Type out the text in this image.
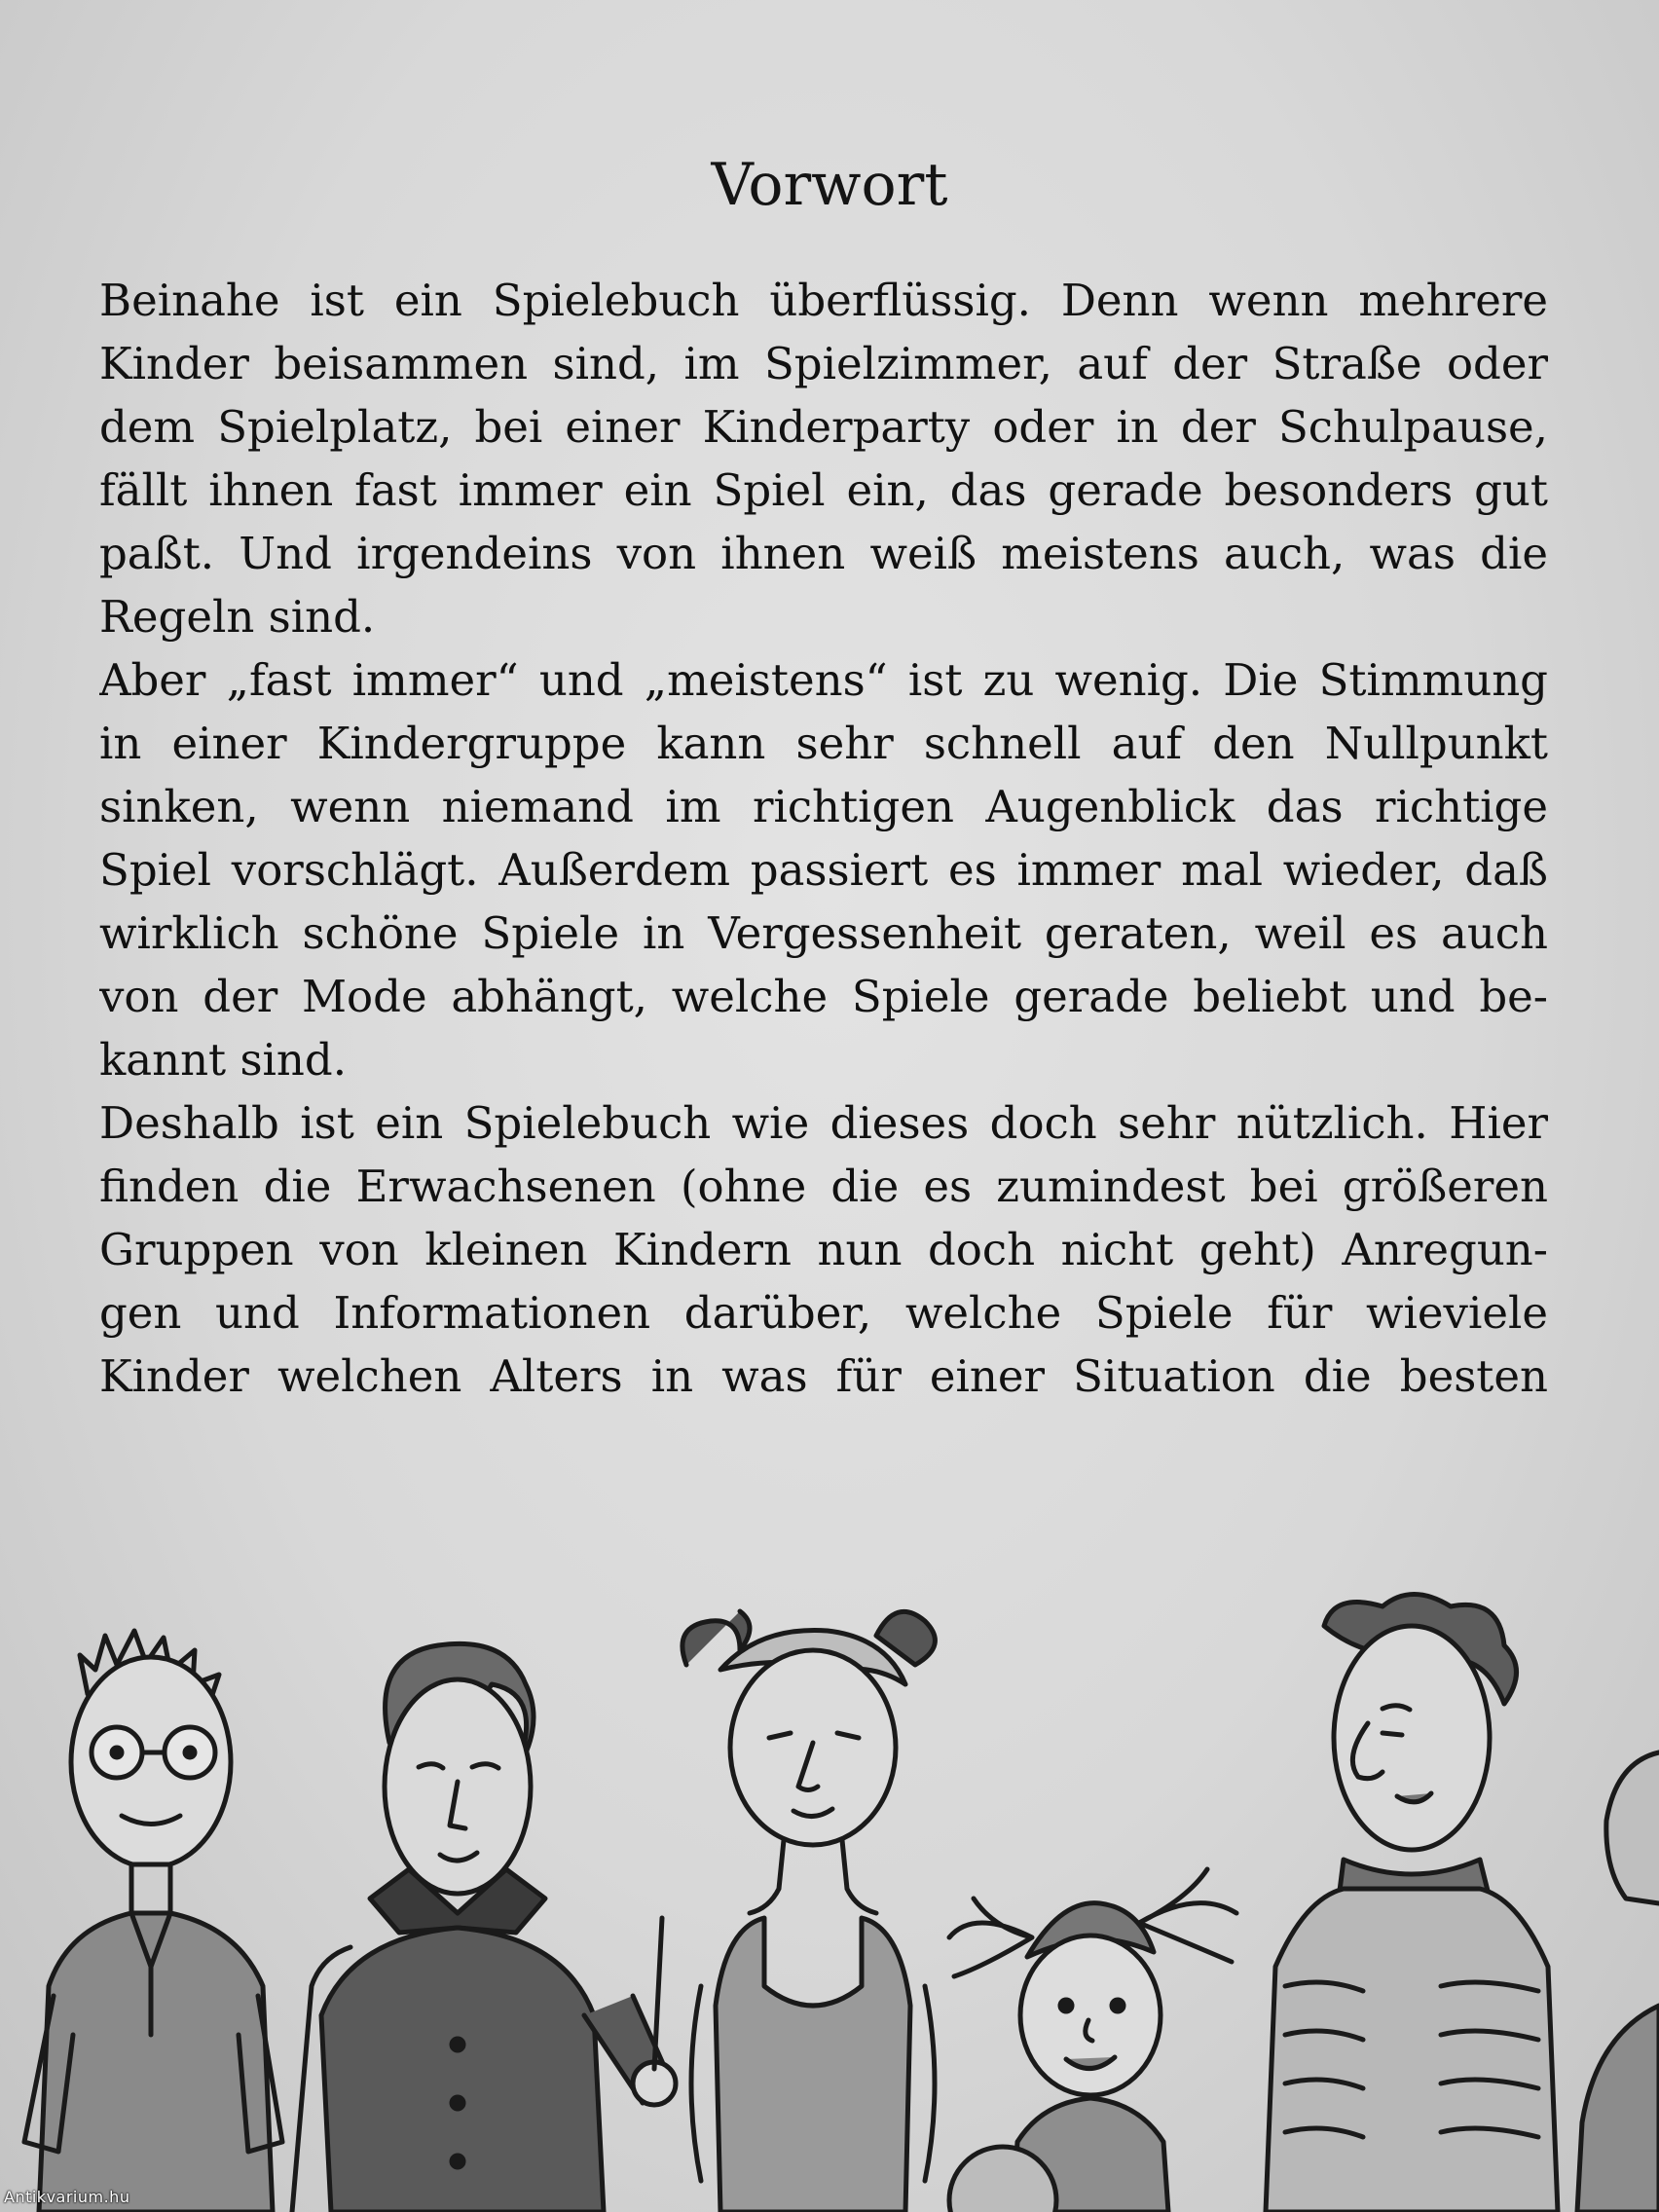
Vorwort
Beinahe ist ein Spielebuch überflüssig. Denn wenn mehrere
Kinder beisammen sind, im Spielzimmer, auf der Straße oder
dem Spielplatz, bei einer Kinderparty oder in der Schulpause,
fällt ihnen fast immer ein Spiel ein, das gerade besonders gut
paßt. Und irgendeins von ihnen weiß meistens auch, was die
Regeln sind.
Aber „fast immer“ und „meistens“ ist zu wenig. Die Stimmung
in einer Kindergruppe kann sehr schnell auf den Nullpunkt
sinken, wenn niemand im richtigen Augenblick das richtige
Spiel vorschlägt. Außerdem passiert es immer mal wieder, daß
wirklich schöne Spiele in Vergessenheit geraten, weil es auch
von der Mode abhängt, welche Spiele gerade beliebt und be-
kannt sind.
Deshalb ist ein Spielebuch wie dieses doch sehr nützlich. Hier
finden die Erwachsenen (ohne die es zumindest bei größeren
Gruppen von kleinen Kindern nun doch nicht geht) Anregun-
gen und Informationen darüber, welche Spiele für wieviele
Kinder welchen Alters in was für einer Situation die besten
Antikvarium.hu
